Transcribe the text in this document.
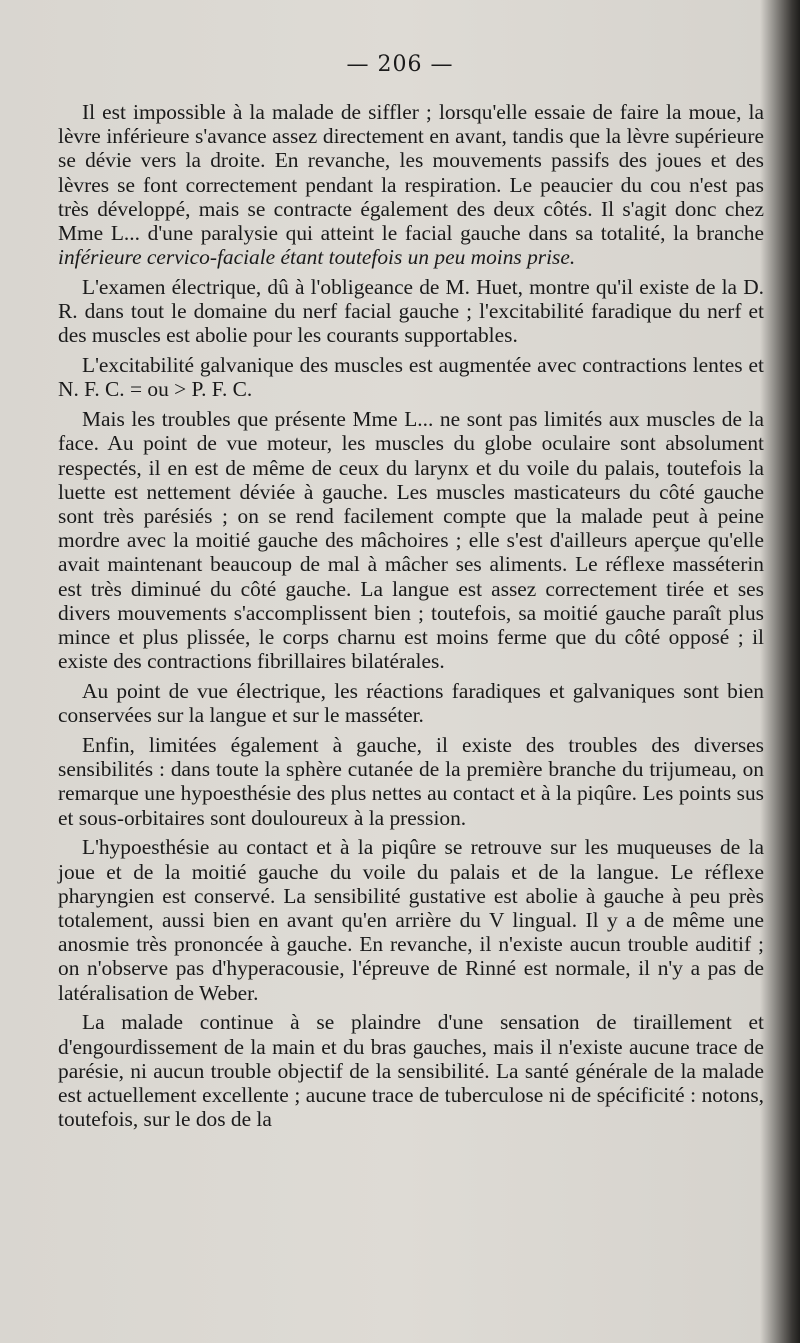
— 206 —

Il est impossible à la malade de siffler ; lorsqu'elle essaie de faire la moue, la lèvre inférieure s'avance assez directement en avant, tandis que la lèvre supérieure se dévie vers la droite. En revanche, les mouvements passifs des joues et des lèvres se font correctement pendant la respiration. Le peaucier du cou n'est pas très développé, mais se contracte également des deux côtés. Il s'agit donc chez Mme L... d'une paralysie qui atteint le facial gauche dans sa totalité, la branche inférieure cervico-faciale étant toutefois un peu moins prise.

L'examen électrique, dû à l'obligeance de M. Huet, montre qu'il existe de la D. R. dans tout le domaine du nerf facial gauche ; l'excitabilité faradique du nerf et des muscles est abolie pour les courants supportables.

L'excitabilité galvanique des muscles est augmentée avec contractions lentes et N. F. C. = ou > P. F. C.

Mais les troubles que présente Mme L... ne sont pas limités aux muscles de la face. Au point de vue moteur, les muscles du globe oculaire sont absolument respectés, il en est de même de ceux du larynx et du voile du palais, toutefois la luette est nettement déviée à gauche. Les muscles masticateurs du côté gauche sont très parésiés ; on se rend facilement compte que la malade peut à peine mordre avec la moitié gauche des mâchoires ; elle s'est d'ailleurs aperçue qu'elle avait maintenant beaucoup de mal à mâcher ses aliments. Le réflexe masséterin est très diminué du côté gauche. La langue est assez correctement tirée et ses divers mouvements s'accomplissent bien ; toutefois, sa moitié gauche paraît plus mince et plus plissée, le corps charnu est moins ferme que du côté opposé ; il existe des contractions fibrillaires bilatérales.

Au point de vue électrique, les réactions faradiques et galvaniques sont bien conservées sur la langue et sur le masséter.

Enfin, limitées également à gauche, il existe des troubles des diverses sensibilités : dans toute la sphère cutanée de la première branche du trijumeau, on remarque une hypoesthésie des plus nettes au contact et à la piqûre. Les points sus et sous-orbitaires sont douloureux à la pression.

L'hypoesthésie au contact et à la piqûre se retrouve sur les muqueuses de la joue et de la moitié gauche du voile du palais et de la langue. Le réflexe pharyngien est conservé. La sensibilité gustative est abolie à gauche à peu près totalement, aussi bien en avant qu'en arrière du V lingual. Il y a de même une anosmie très prononcée à gauche. En revanche, il n'existe aucun trouble auditif ; on n'observe pas d'hyperacousie, l'épreuve de Rinné est normale, il n'y a pas de latéralisation de Weber.

La malade continue à se plaindre d'une sensation de tiraillement et d'engourdissement de la main et du bras gauches, mais il n'existe aucune trace de parésie, ni aucun trouble objectif de la sensibilité. La santé générale de la malade est actuellement excellente ; aucune trace de tuberculose ni de spécificité : notons, toutefois, sur le dos de la
